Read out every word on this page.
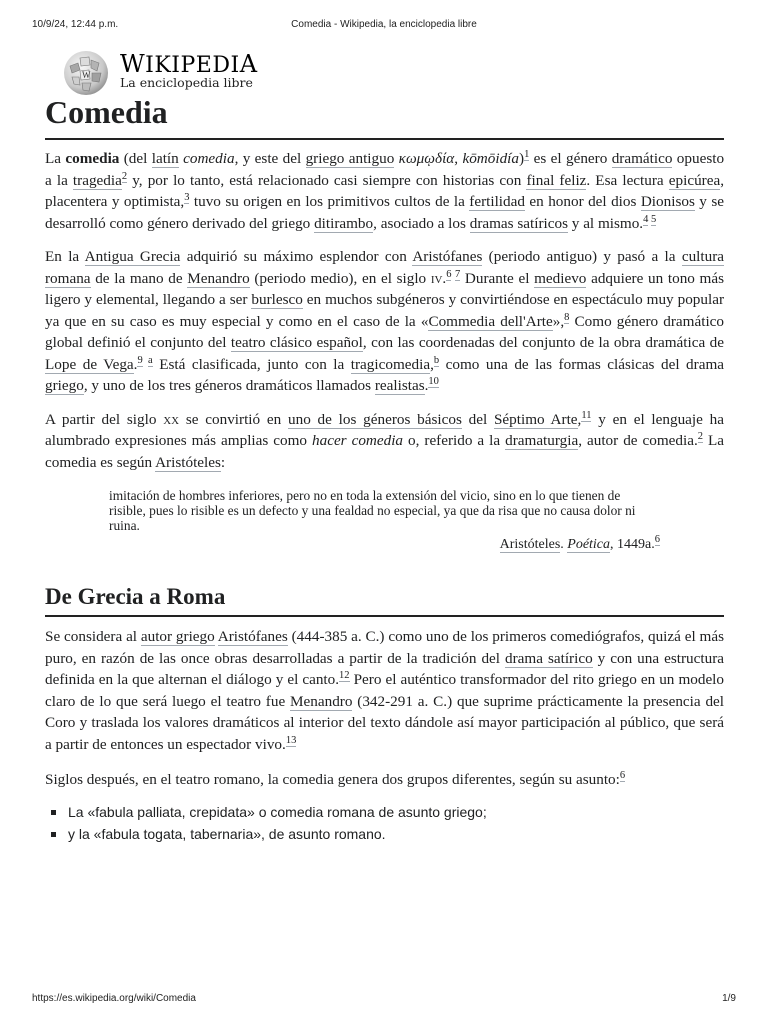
10/9/24, 12:44 p.m.	Comedia - Wikipedia, la enciclopedia libre
W WIKIPEDIA
La enciclopedia libre
Comedia

La comedia (del latín comedia, y este del griego antiguo κωμῳδία, kōmōidía)$^1$ es el género dramático opuesto a la tragedia$^2$ y, por lo tanto, está relacionado casi siempre con historias con final feliz. Esa lectura epicúrea, placentera y optimista,$^3$ tuvo su origen en los primitivos cultos de la fertilidad en honor del dios Dionisos y se desarrolló como género derivado del griego ditirambo, asociado a los dramas satíricos y al mismo.$^{4 5}$

En la Antigua Grecia adquirió su máximo esplendor con Aristófanes (periodo antiguo) y pasó a la cultura romana de la mano de Menandro (periodo medio), en el siglo iv.$^{6 7}$ Durante el medievo adquiere un tono más ligero y elemental, llegando a ser burlesco en muchos subgéneros y convirtiéndose en espectáculo muy popular ya que en su caso es muy especial y como en el caso de la «Commedia dell'Arte»,$^8$ Como género dramático global definió el conjunto del teatro clásico español, con las coordenadas del conjunto de la obra dramática de Lope de Vega.$^{9 a}$ Está clasificada, junto con la tragicomedia,$^b$ como una de las formas clásicas del drama griego, y uno de los tres géneros dramáticos llamados realistas.$^{10}$

A partir del siglo xx se convirtió en uno de los géneros básicos del Séptimo Arte,$^{11}$ y en el lenguaje ha alumbrado expresiones más amplias como hacer comedia o, referido a la dramaturgia, autor de comedia.$^2$ La comedia es según Aristóteles:

imitación de hombres inferiores, pero no en toda la extensión del vicio, sino en lo que tienen de risible, pues lo risible es un defecto y una fealdad no especial, ya que da risa que no causa dolor ni ruina.
Aristóteles. Poética, 1449a.$^6$
De Grecia a Roma

Se considera al autor griego Aristófanes (444-385 a. C.) como uno de los primeros comediógrafos, quizá el más puro, en razón de las once obras desarrolladas a partir de la tradición del drama satírico y con una estructura definida en la que alternan el diálogo y el canto.$^{12}$ Pero el auténtico transformador del rito griego en un modelo claro de lo que será luego el teatro fue Menandro (342-291 a. C.) que suprime prácticamente la presencia del Coro y traslada los valores dramáticos al interior del texto dándole así mayor participación al público, que será a partir de entonces un espectador vivo.$^{13}$

Siglos después, en el teatro romano, la comedia genera dos grupos diferentes, según su asunto:$^6$

La «fabula palliata, crepidata» o comedia romana de asunto griego;
y la «fabula togata, tabernaria», de asunto romano.
https://es.wikipedia.org/wiki/Comedia	1/9
